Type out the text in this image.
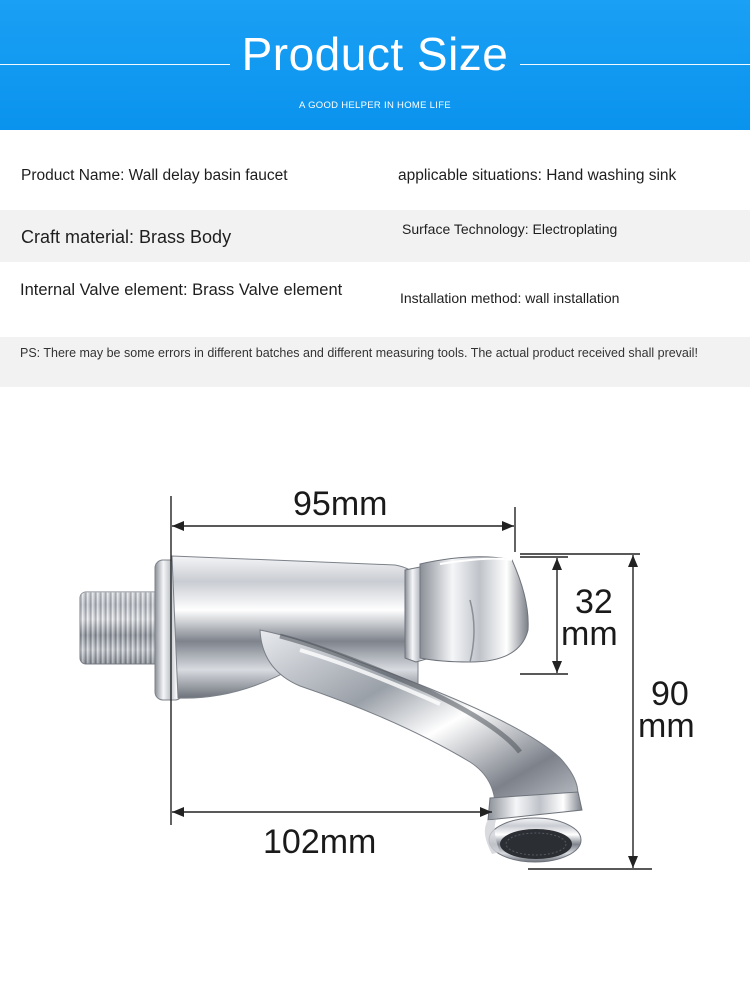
Product Size
A GOOD HELPER IN HOME LIFE
Product Name: Wall delay basin faucet	applicable situations: Hand washing sink
Craft material: Brass Body	Surface Technology: Electroplating
Internal Valve element: Brass Valve element	Installation method: wall installation
PS: There may be some errors in different batches and different measuring tools. The actual product received shall prevail!
95mm
32
mm
90
mm
102mm
